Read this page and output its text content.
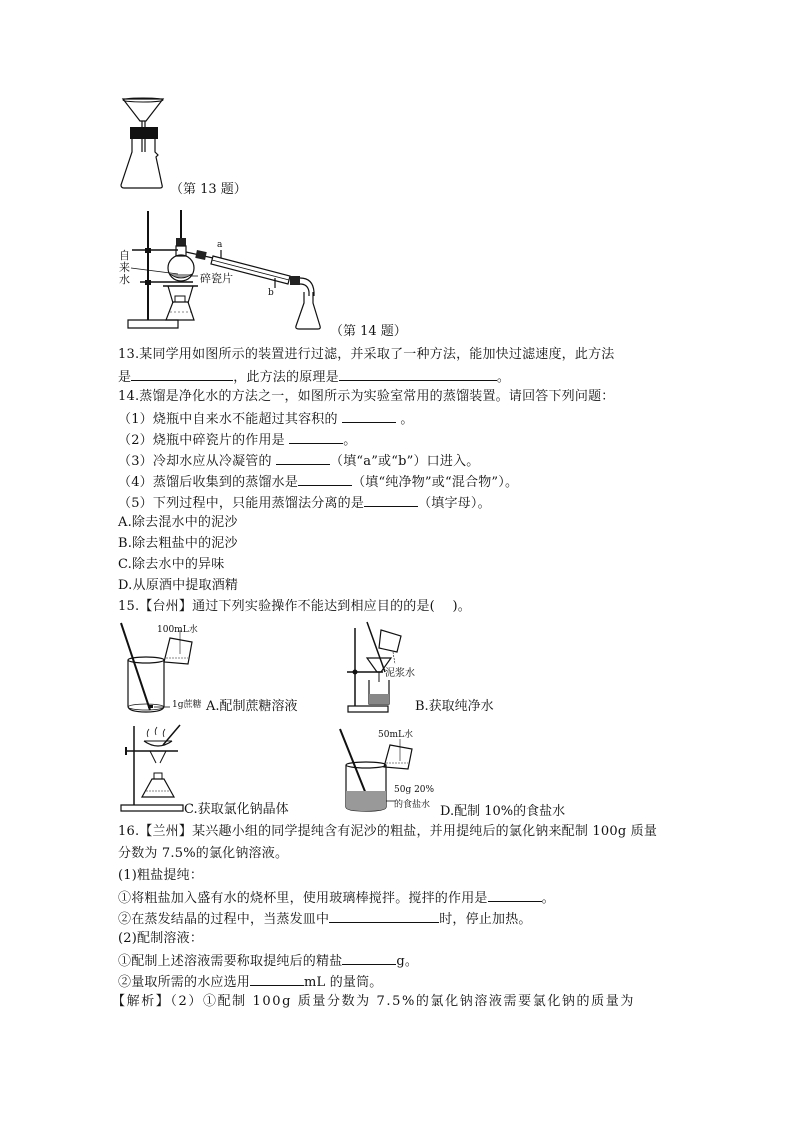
（第 13 题）
自
来
水	碎瓷片
a
b
（第 14 题）
13.某同学用如图所示的装置进行过滤，并采取了一种方法，能加快过滤速度，此方法
是	，此方法的原理是	。
14.蒸馏是净化水的方法之一，如图所示为实验室常用的蒸馏装置。请回答下列问题：
（1）烧瓶中自来水不能超过其容积的	。
（2）烧瓶中碎瓷片的作用是	。
（3）冷却水应从冷凝管的	（填“a”或“b”）口进入。
（4）蒸馏后收集到的蒸馏水是	（填“纯净物”或“混合物”）。
（5）下列过程中，只能用蒸馏法分离的是	（填字母）。
A.除去混水中的泥沙
B.除去粗盐中的泥沙
C.除去水中的异味
D.从原酒中提取酒精
15.【台州】通过下列实验操作不能达到相应目的的是(　 )。
100mL水
1g蔗糖 A.配制蔗糖溶液
泥浆水
B.获取纯净水
C.获取氯化钠晶体
50mL水
50g 20%
的食盐水 D.配制 10%的食盐水
16.【兰州】某兴趣小组的同学提纯含有泥沙的粗盐，并用提纯后的氯化钠来配制 100g 质量
分数为 7.5%的氯化钠溶液。
(1)粗盐提纯：
①将粗盐加入盛有水的烧杯里，使用玻璃棒搅拌。搅拌的作用是	。
②在蒸发结晶的过程中，当蒸发皿中	时，停止加热。
(2)配制溶液：
①配制上述溶液需要称取提纯后的精盐	g。
②量取所需的水应选用	mL 的量筒。
【解析】（2）①配制 100g 质量分数为 7.5%的氯化钠溶液需要氯化钠的质量为
